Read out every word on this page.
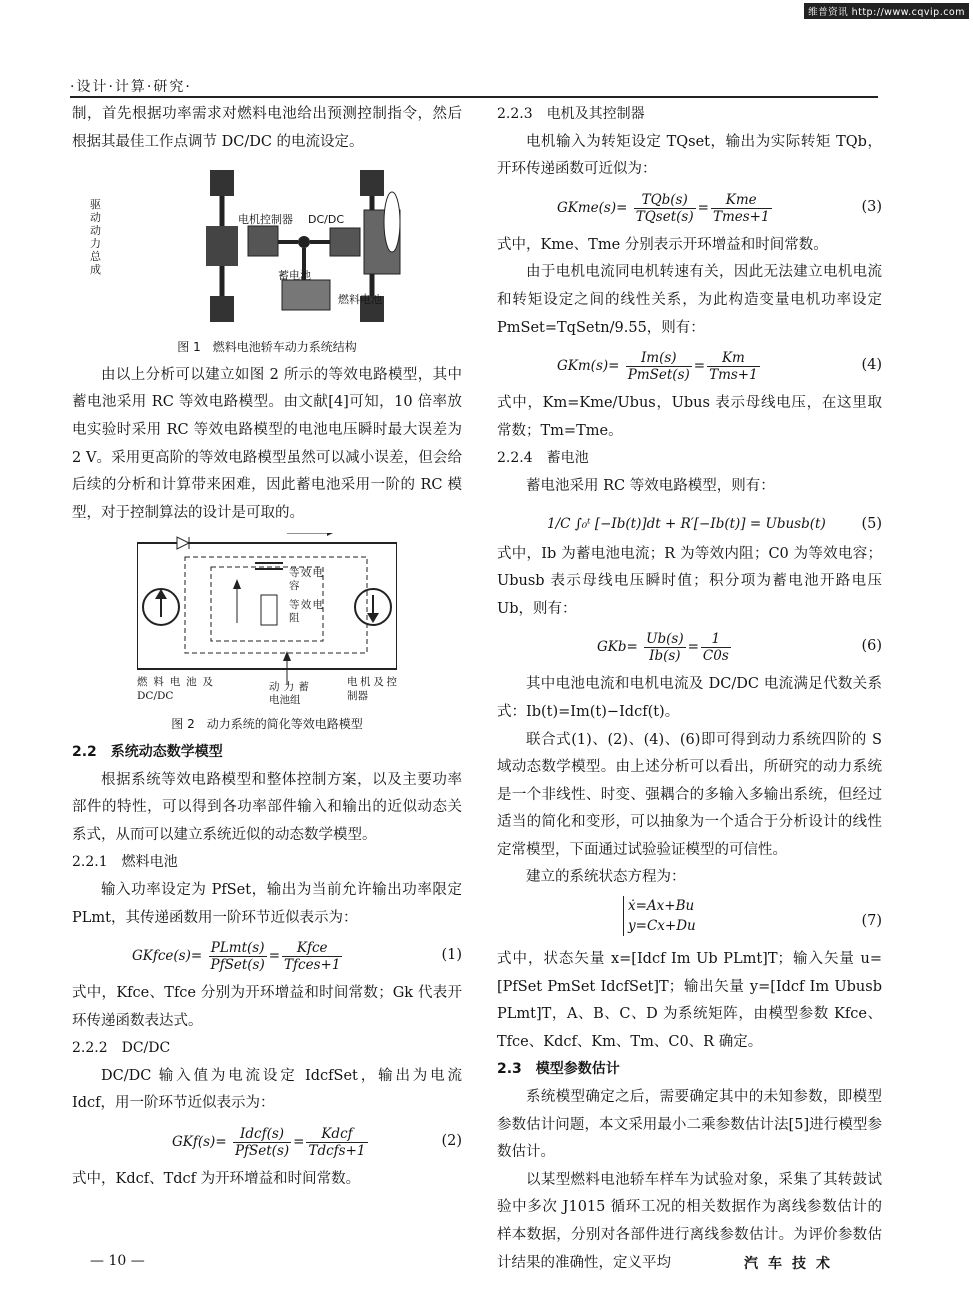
维普资讯 http://www.cqvip.com
·设计·计算·研究·

制，首先根据功率需求对燃料电池给出预测控制指令，然后根据其最佳工作点调节 DC/DC 的电流设定。

驱动动力总成
电机控制器 DC/DC
蓄电池
燃料电池

图 1　燃料电池轿车动力系统结构

由以上分析可以建立如图 2 所示的等效电路模型，其中蓄电池采用 RC 等效电路模型。由文献[4]可知，10 倍率放电实验时采用 RC 等效电路模型的电池电压瞬时最大误差为 2 V。采用更高阶的等效电路模型虽然可以减小误差，但会给后续的分析和计算带来困难，因此蓄电池采用一阶的 RC 模型，对于控制算法的设计是可取的。

等效电容
等效电阻
燃料电池及 DC/DC
动力蓄电池组
电机及控制器

图 2　动力系统的简化等效电路模型

2.2　系统动态数学模型

根据系统等效电路模型和整体控制方案，以及主要功率部件的特性，可以得到各功率部件输入和输出的近似动态关系式，从而可以建立系统近似的动态数学模型。

2.2.1　燃料电池

输入功率设定为 PfSet，输出为当前允许输出功率限定 PLmt，其传递函数用一阶环节近似表示为：

GKfce(s)= $\frac{\text{PLmt(s)}}{\text{PfSet(s)}} = \frac{\text{Kfce}}{\text{Tfces+1}}$	(1)

式中，Kfce、Tfce 分别为开环增益和时间常数；Gk 代表开环传递函数表达式。

2.2.2　DC/DC

DC/DC 输入值为电流设定 IdcfSet，输出为电流 Idcf，用一阶环节近似表示为：

$GKf(s)= \frac{\text{Idcf(s)}}{\text{PfSet(s)}} = \frac{\text{Kdcf}}{\text{Tdcfs+1}}$	(2)

式中，Kdcf、Tdcf 为开环增益和时间常数。

2.2.3　电机及其控制器

电机输入为转矩设定 TQset，输出为实际转矩 TQb，开环传递函数可近似为：

GKme(s)= $\frac{\text{TQb(s)}}{\text{TQset(s)}} = \frac{\text{Kme}}{\text{Tmes+1}}$	(3)

式中，Kme、Tme 分别表示开环增益和时间常数。

由于电机电流同电机转速有关，因此无法建立电机电流和转矩设定之间的线性关系，为此构造变量电机功率设定 PmSet=TqSetn/9.55，则有：

$GKm(s)= \frac{Im(s)}{\text{PmSet(s)}} = \frac{Km}{\text{Tms+1}}$	(4)

式中，Km=Kme/Ubus，Ubus 表示母线电压，在这里取常数；Tm=Tme。

2.2.4　蓄电池

蓄电池采用 RC 等效电路模型，则有：

1/C ∫₀ᵗ [−Ib(t)]dt + R′[−Ib(t)] = Ubusb(t) (5)

式中，Ib 为蓄电池电流；R 为等效内阻；C0 为等效电容；Ubusb 表示母线电压瞬时值；积分项为蓄电池开路电压 Ub，则有：

$GKb= \frac{Ub(s)}{Ib(s)} = \frac{1}{C0s}$	(6)

其中电池电流和电机电流及 DC/DC 电流满足代数关系式：Ib(t)=Im(t)−Idcf(t)。

联合式(1)、(2)、(4)、(6)即可得到动力系统四阶的 S 域动态数学模型。由上述分析可以看出，所研究的动力系统是一个非线性、时变、强耦合的多输入多输出系统，但经过适当的简化和变形，可以抽象为一个适合于分析设计的线性定常模型，下面通过试验验证模型的可信性。

建立的系统状态方程为：

ẋ=Ax+Bu
y=Cx+Du	(7)

式中，状态矢量 x=[Idcf Im Ub PLmt]T；输入矢量 u=[PfSet PmSet IdcfSet]T；输出矢量 y=[Idcf Im Ubusb PLmt]T，A、B、C、D 为系统矩阵，由模型参数 Kfce、Tfce、Kdcf、Km、Tm、C0、R 确定。

2.3　模型参数估计

系统模型确定之后，需要确定其中的未知参数，即模型参数估计问题，本文采用最小二乘参数估计法[5]进行模型参数估计。

以某型燃料电池轿车样车为试验对象，采集了其转鼓试验中多次 J1015 循环工况的相关数据作为离线参数估计的样本数据，分别对各部件进行离线参数估计。为评价参数估计结果的准确性，定义平均

— 10 —	汽车技术
